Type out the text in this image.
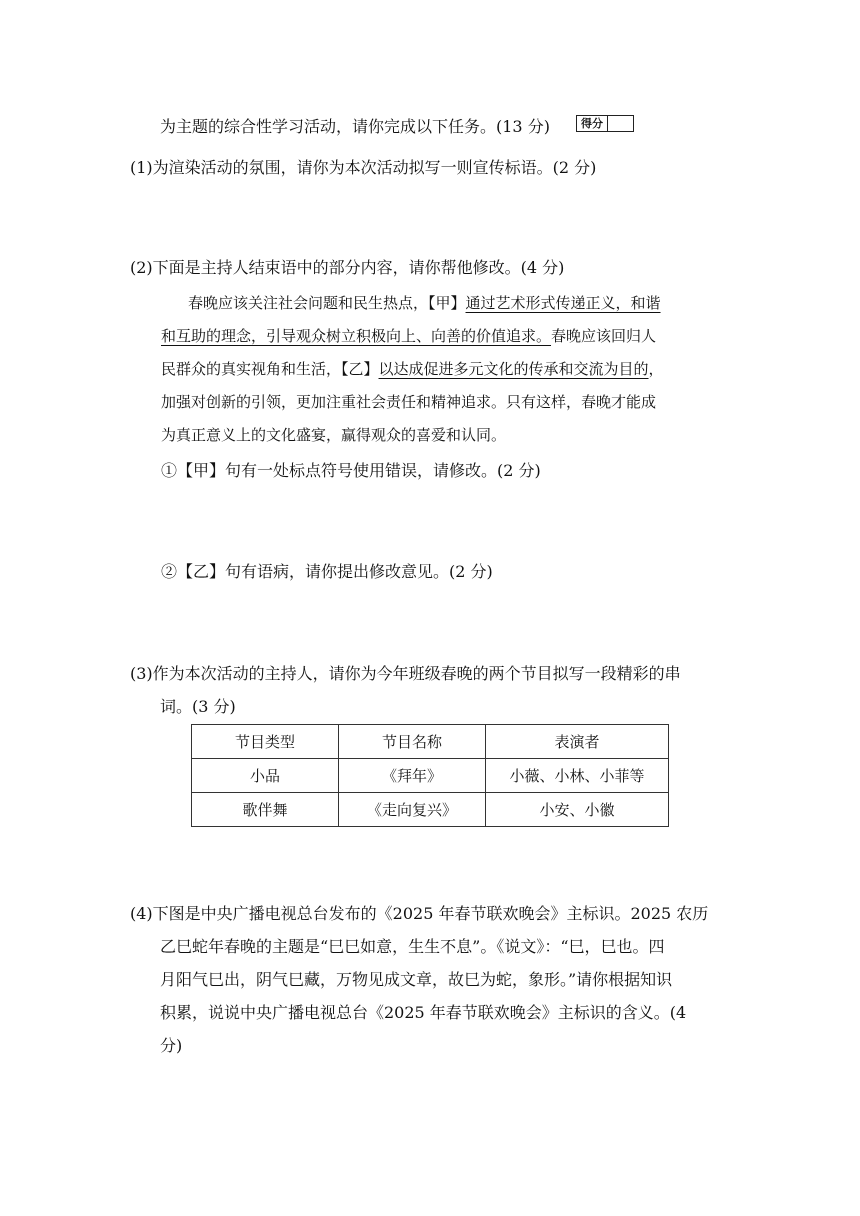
为主题的综合性学习活动，请你完成以下任务。(13 分)	得分
(1)为渲染活动的氛围，请你为本次活动拟写一则宣传标语。(2 分)
(2)下面是主持人结束语中的部分内容，请你帮他修改。(4 分)
春晚应该关注社会问题和民生热点，【甲】通过艺术形式传递正义，和谐
和互助的理念，引导观众树立积极向上、向善的价值追求。春晚应该回归人
民群众的真实视角和生活，【乙】以达成促进多元文化的传承和交流为目的，
加强对创新的引领，更加注重社会责任和精神追求。只有这样，春晚才能成
为真正意义上的文化盛宴，赢得观众的喜爱和认同。
①【甲】句有一处标点符号使用错误，请修改。(2 分)
②【乙】句有语病，请你提出修改意见。(2 分)
(3)作为本次活动的主持人，请你为今年班级春晚的两个节目拟写一段精彩的串
词。(3 分)
节目类型	节目名称	表演者
小品	《拜年》	小薇、小林、小菲等
歌伴舞	《走向复兴》	小安、小徽
(4)下图是中央广播电视总台发布的《2025 年春节联欢晚会》主标识。2025 农历
乙巳蛇年春晚的主题是“巳巳如意，生生不息”。《说文》：“巳，巳也。四
月阳气巳出，阴气巳藏，万物见成文章，故巳为蛇，象形。”请你根据知识
积累，说说中央广播电视总台《2025 年春节联欢晚会》主标识的含义。(4
分)
